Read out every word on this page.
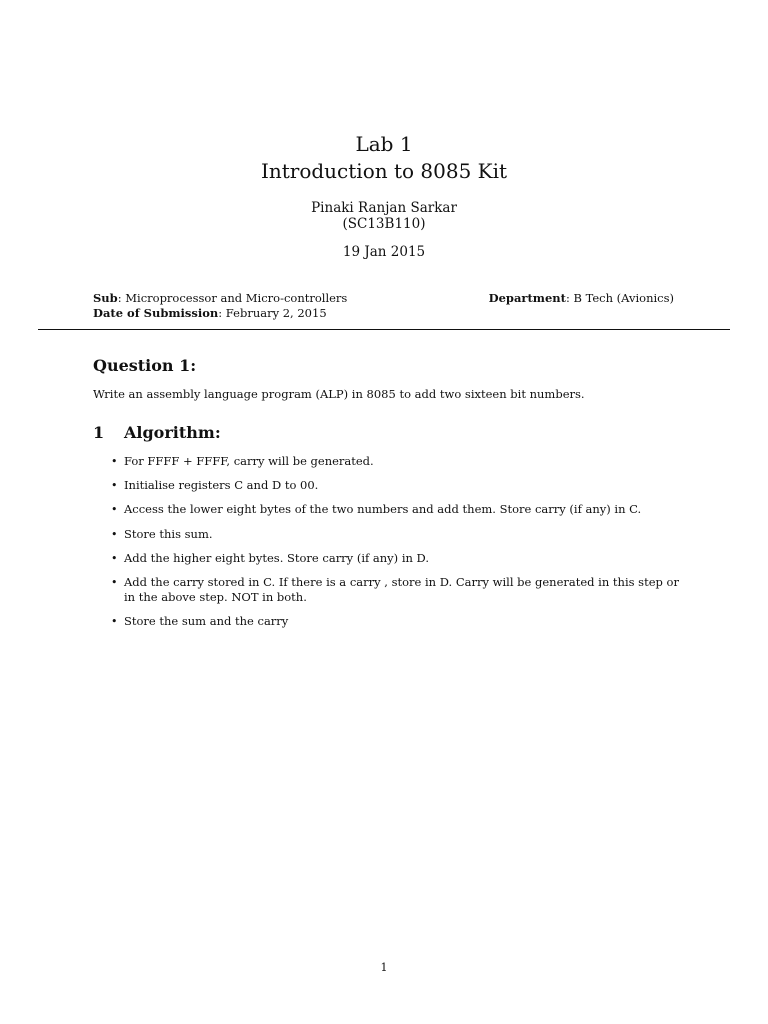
Lab 1
Introduction to 8085 Kit
Pinaki Ranjan Sarkar
(SC13B110)
19 Jan 2015
Sub: Microprocessor and Micro-controllers	Department: B Tech (Avionics)
Date of Submission: February 2, 2015
Question 1:
Write an assembly language program (ALP) in 8085 to add two sixteen bit numbers.
1 Algorithm:
• For FFFF + FFFF, carry will be generated.
• Initialise registers C and D to 00.
• Access the lower eight bytes of the two numbers and add them. Store carry (if any) in C.
• Store this sum.
• Add the higher eight bytes. Store carry (if any) in D.
• Add the carry stored in C. If there is a carry , store in D. Carry will be generated in this step or in the above step. NOT in both.
• Store the sum and the carry
1
